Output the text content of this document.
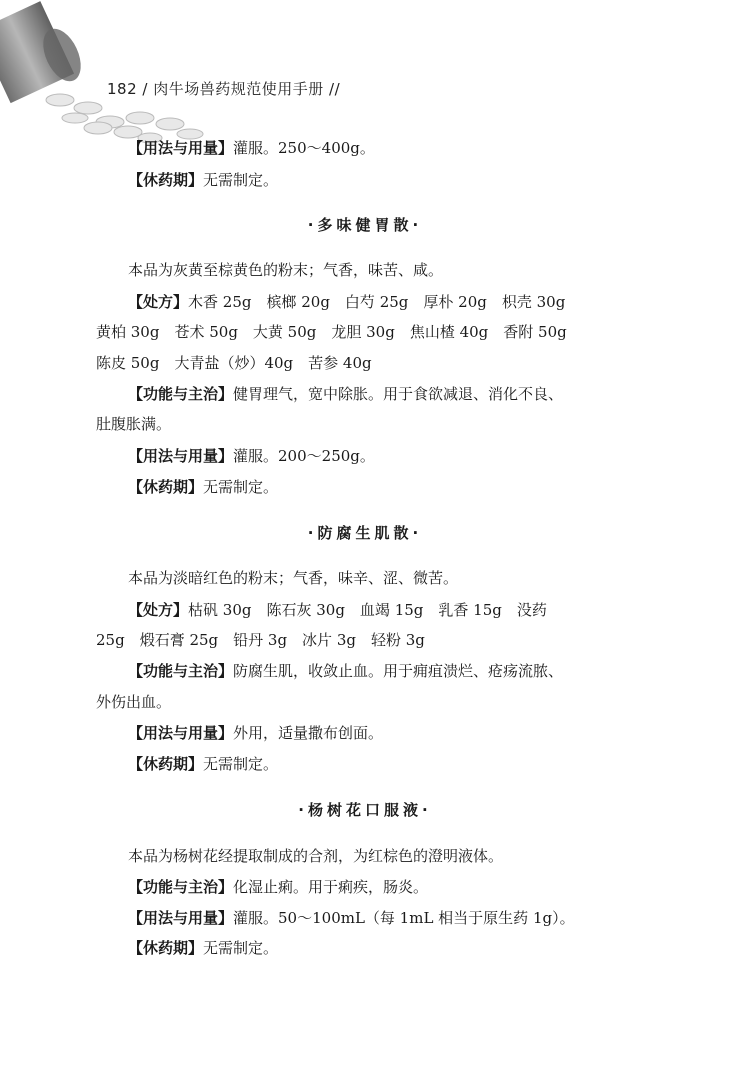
182 / 肉牛场兽药规范使用手册 //
【用法与用量】灌服。250～400g。
【休药期】无需制定。
·多味健胃散·
本品为灰黄至棕黄色的粉末；气香，味苦、咸。
【处方】木香 25g　槟榔 20g　白芍 25g　厚朴 20g　枳壳 30g
黄柏 30g　苍术 50g　大黄 50g　龙胆 30g　焦山楂 40g　香附 50g
陈皮 50g　大青盐（炒）40g　苦参 40g
【功能与主治】健胃理气，宽中除胀。用于食欲减退、消化不良、
肚腹胀满。
【用法与用量】灌服。200～250g。
【休药期】无需制定。
·防腐生肌散·
本品为淡暗红色的粉末；气香，味辛、涩、微苦。
【处方】枯矾 30g　陈石灰 30g　血竭 15g　乳香 15g　没药
25g　煅石膏 25g　铅丹 3g　冰片 3g　轻粉 3g
【功能与主治】防腐生肌，收敛止血。用于痈疽溃烂、疮疡流脓、
外伤出血。
【用法与用量】外用，适量撒布创面。
【休药期】无需制定。
·杨树花口服液·
本品为杨树花经提取制成的合剂，为红棕色的澄明液体。
【功能与主治】化湿止痢。用于痢疾，肠炎。
【用法与用量】灌服。50～100mL（每 1mL 相当于原生药 1g）。
【休药期】无需制定。
